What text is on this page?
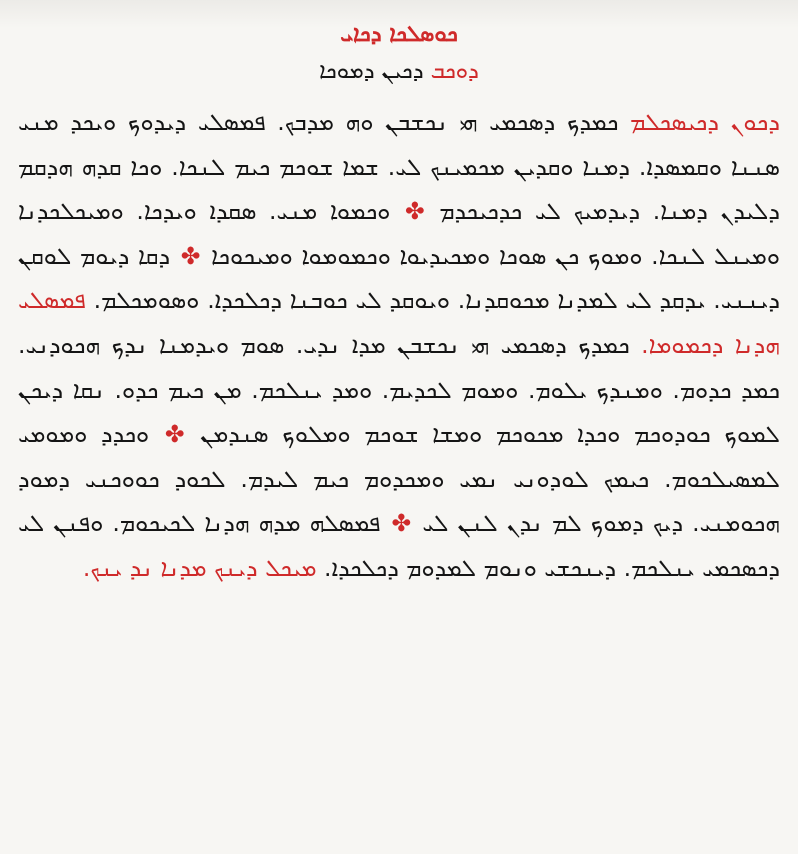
ܟܘܣܠܟܐ ܕܟܐܝ

ܕܘܟܒ ܕܟܝܢ ܕܡܘܟܐ

ܕܟܘܢ ܕܟܝܣܟܠܡ ܟܡܕܟ ܕܣܟܡܝ ܗܝ ܢܟܫܒܢ ܘܗ ܡܕܒܟ. ܦܡܣܠܝ ܕܝܕܘܟ ܘܝܟܕ ܡܢܝ ܣܢܢܐ ܘܩܡܣܕܐ. ܕܡܢܐ ܘܩܕܝܢ ܡܟܡܝܢܟ ܠܝ. ܫܡܐ ܫܘܟܡ ܟܝܡ ܠܢܟܐ. ܘܟܐ ܩܕܗ ܗܕܩܡ ܕܠܝܕܢ ܕܡܢܐ. ܕܝܕܡܝܟ ܠܝ ܟܕܟܝܟܕܡ ✤ ܘܟܡܘܐ ܡܢܝ. ܣܩܕܐ ܘܝܕܟܐ. ܘܡܝܟܠܟܕܢܐ ܘܡܝܢܠ ܠܢܟܐ. ܘܡܘܟ ܟܢ ܣܘܟܐ ܘܡܟܝܕܝܘܐ ܘܟܡܘܡܘܐ ܘܡܝܟܘܟܐ ✤ ܕܩܐ ܕܝܘܡ ܠܘܩܢ ܕܝܢܢܝ. ܝܕܩܕ ܠܝ ܠܡܕܢܐ ܡܟܘܩܕܢܐ. ܘܝܘܩܕ ܠܝ ܟܘܒܢܐ ܕܟܠܟܕܐ. ܘܣܘܡܟܠܡ. ܦܡܣܠܝ ܗܕܢܐ ܕܟܡܘܡܐ. ܟܡܕܟ ܕܣܟܡܝ ܗܝ ܢܟܫܒܢ ܡܕܐ ܢܕܝ. ܣܘܡ ܘܝܕܡܢܐ ܢܕܟ ܗܟܘܕܢܝ. ܟܡܕ ܟܕܘܡ. ܘܡܢܕܟ ܝܠܘܡ. ܘܡܘܡ ܠܟܕܝܡ. ܘܡܕ ܝܢܠܟܡ. ܡܢ ܟܝܡ ܟܕܘ. ܢܩܐ ܕܝܟܢ ܠܡܘܟ ܟܘܕܘܟܡ ܘܟܕܐ ܡܟܘܟܡ ܘܡܫܐ ܫܘܟܡ ܘܡܠܘܟ ܣܢܕܡܢ ✤ ܘܟܕܕ ܘܡܘܡܝ ܠܡܣܝܠܟܘܡ. ܟܝܡܟ ܠܘܕܘܢܝ ܢܡܝ ܘܡܟܕܘܡ ܟܝܡ ܠܝܕܡ. ܠܟܘܕ ܟܘܘܟܢܝ ܕܡܘܕ ܗܟܘܡܢܝ. ܕܝܟ ܕܡܘܟ ܠܡ ܢܕܢ ܠܢܢ ܠܝ ✤ ܦܡܣܠܗ ܡܕܗ ܗܕܢܐ ܠܟܝܟܘܡ. ܘܦܢܢ ܠܝ ܕܟܣܟܡܝ ܝܢܠܟܡ. ܕܝܢܟܫܝ ܘܢܘܡ ܠܡܕܘܡ ܕܟܠܟܕܐ. ܡܝܟܠ ܕܝܢܟ ܡܕܢܐ ܢܕ ܝܢܟ.
